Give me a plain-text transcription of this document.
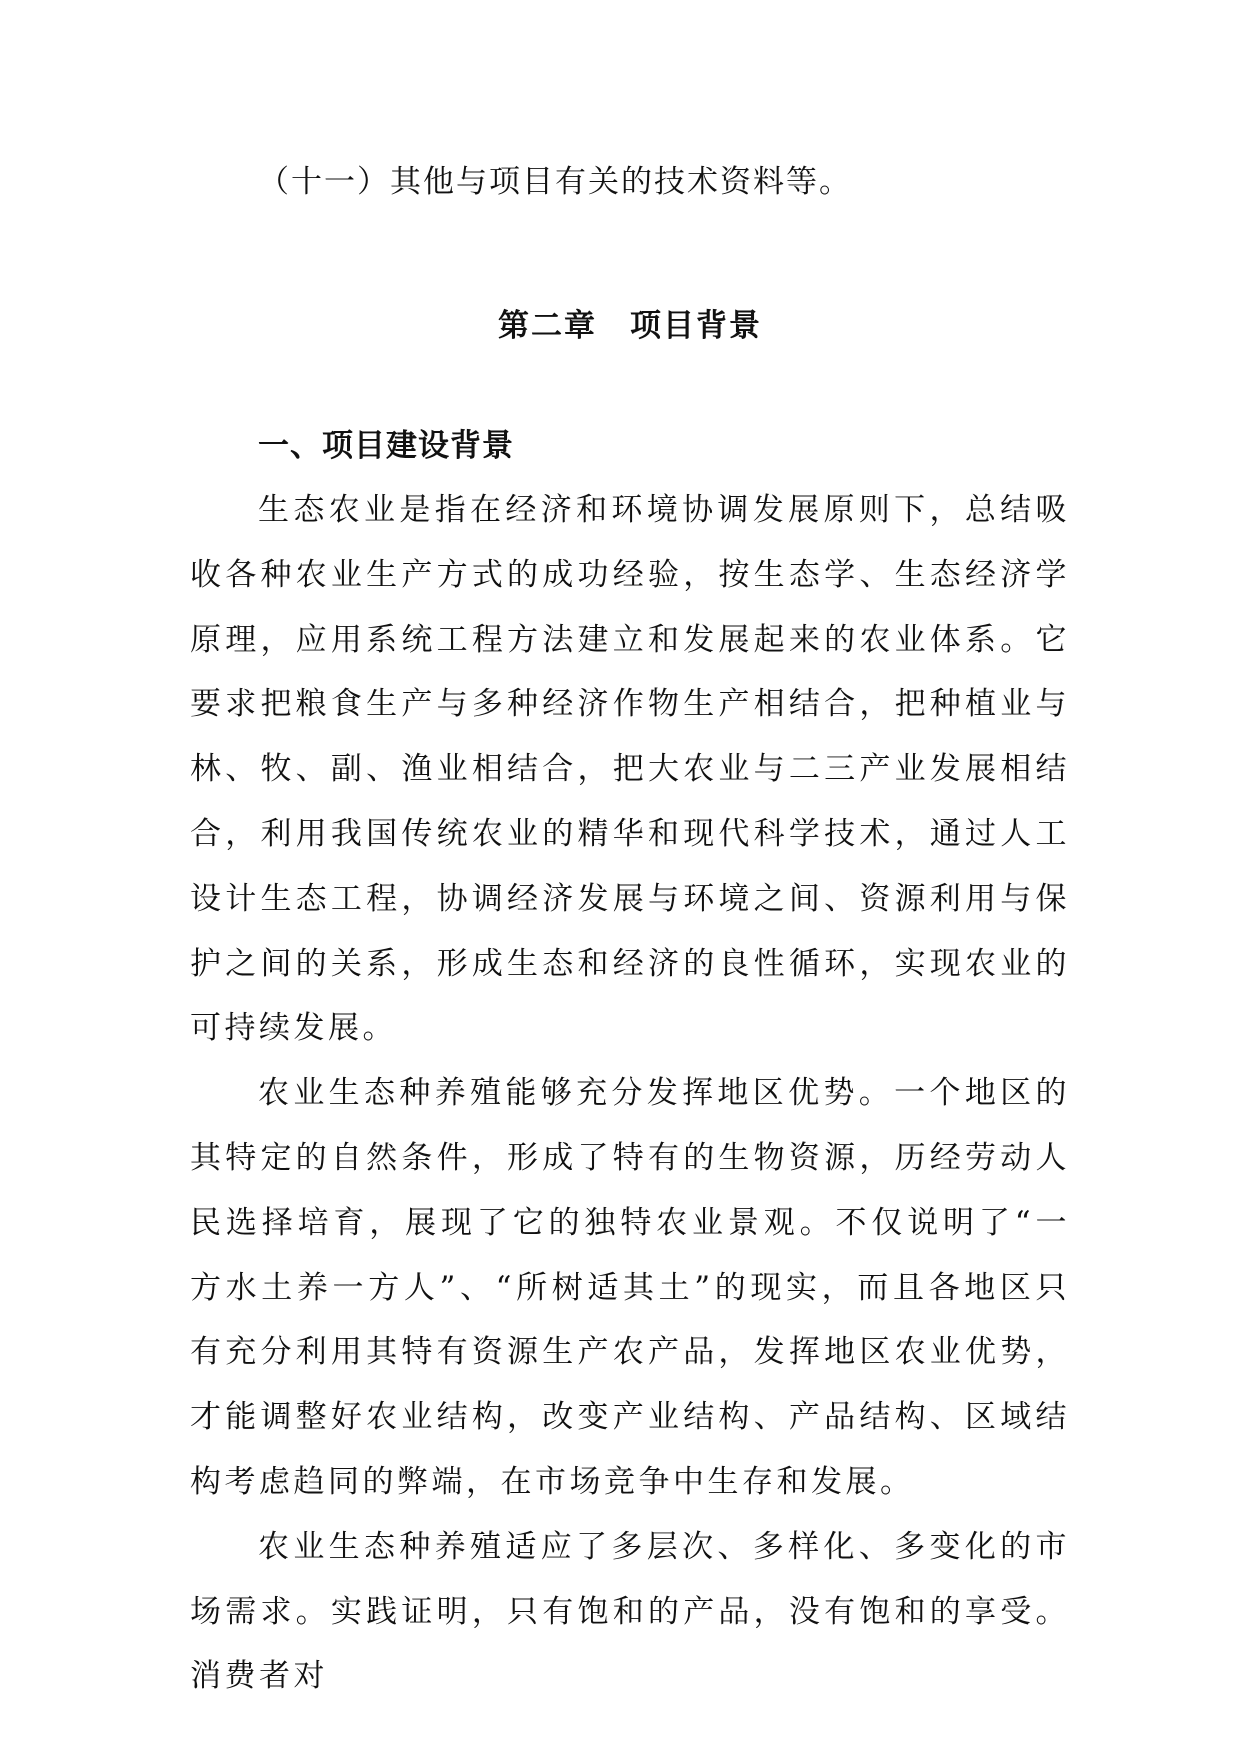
（十一）其他与项目有关的技术资料等。

第二章　项目背景
一、项目建设背景

生态农业是指在经济和环境协调发展原则下，总结吸收各种农业生产方式的成功经验，按生态学、生态经济学原理，应用系统工程方法建立和发展起来的农业体系。它要求把粮食生产与多种经济作物生产相结合，把种植业与林、牧、副、渔业相结合，把大农业与二三产业发展相结合，利用我国传统农业的精华和现代科学技术，通过人工设计生态工程，协调经济发展与环境之间、资源利用与保护之间的关系，形成生态和经济的良性循环，实现农业的可持续发展。

农业生态种养殖能够充分发挥地区优势。一个地区的其特定的自然条件，形成了特有的生物资源，历经劳动人民选择培育，展现了它的独特农业景观。不仅说明了“一方水土养一方人”、“所树适其土”的现实，而且各地区只有充分利用其特有资源生产农产品，发挥地区农业优势，才能调整好农业结构，改变产业结构、产品结构、区域结构考虑趋同的弊端，在市场竞争中生存和发展。

农业生态种养殖适应了多层次、多样化、多变化的市场需求。实践证明，只有饱和的产品，没有饱和的享受。消费者对
